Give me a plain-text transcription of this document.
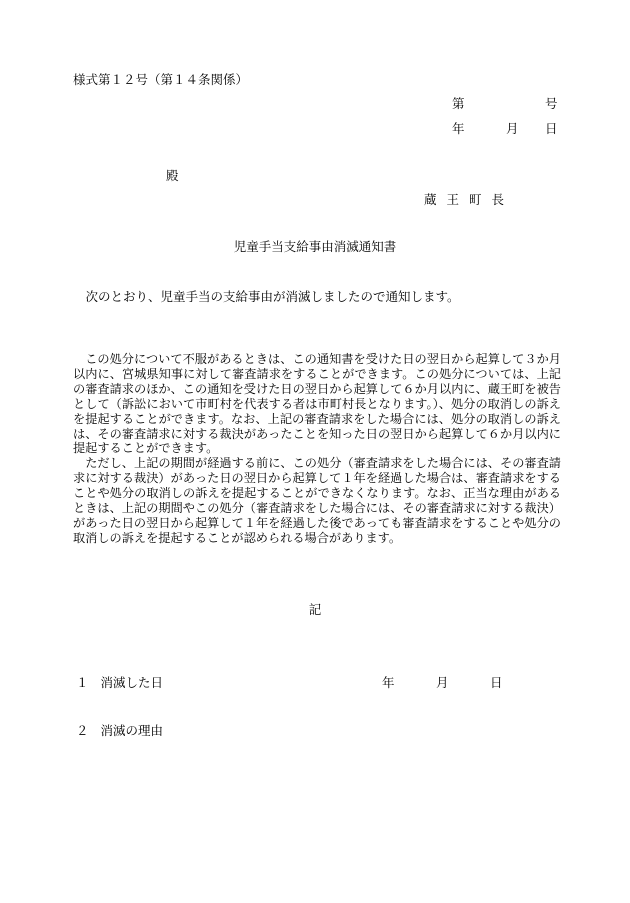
様式第１２号（第１４条関係）
第	号
年	月 日
殿
蔵王町長
児童手当支給事由消滅通知書
　次のとおり、児童手当の支給事由が消滅しましたので通知します。

この処分について不服があるときは、この通知書を受けた日の翌日から起算して３か月以内に、宮城県知事に対して審査請求をすることができます。この処分については、上記の審査請求のほか、この通知を受けた日の翌日から起算して６か月以内に、蔵王町を被告として（訴訟において市町村を代表する者は市町村長となります。）、処分の取消しの訴えを提起することができます。なお、上記の審査請求をした場合には、処分の取消しの訴えは、その審査請求に対する裁決があったことを知った日の翌日から起算して６か月以内に提起することができます。

ただし、上記の期間が経過する前に、この処分（審査請求をした場合には、その審査請求に対する裁決）があった日の翌日から起算して１年を経過した場合は、審査請求をすることや処分の取消しの訴えを提起することができなくなります。なお、正当な理由があるときは、上記の期間やこの処分（審査請求をした場合には、その審査請求に対する裁決）があった日の翌日から起算して１年を経過した後であっても審査請求をすることや処分の取消しの訴えを提起することが認められる場合があります。

記
１ 消滅した日	年	月	日
２ 消滅の理由
